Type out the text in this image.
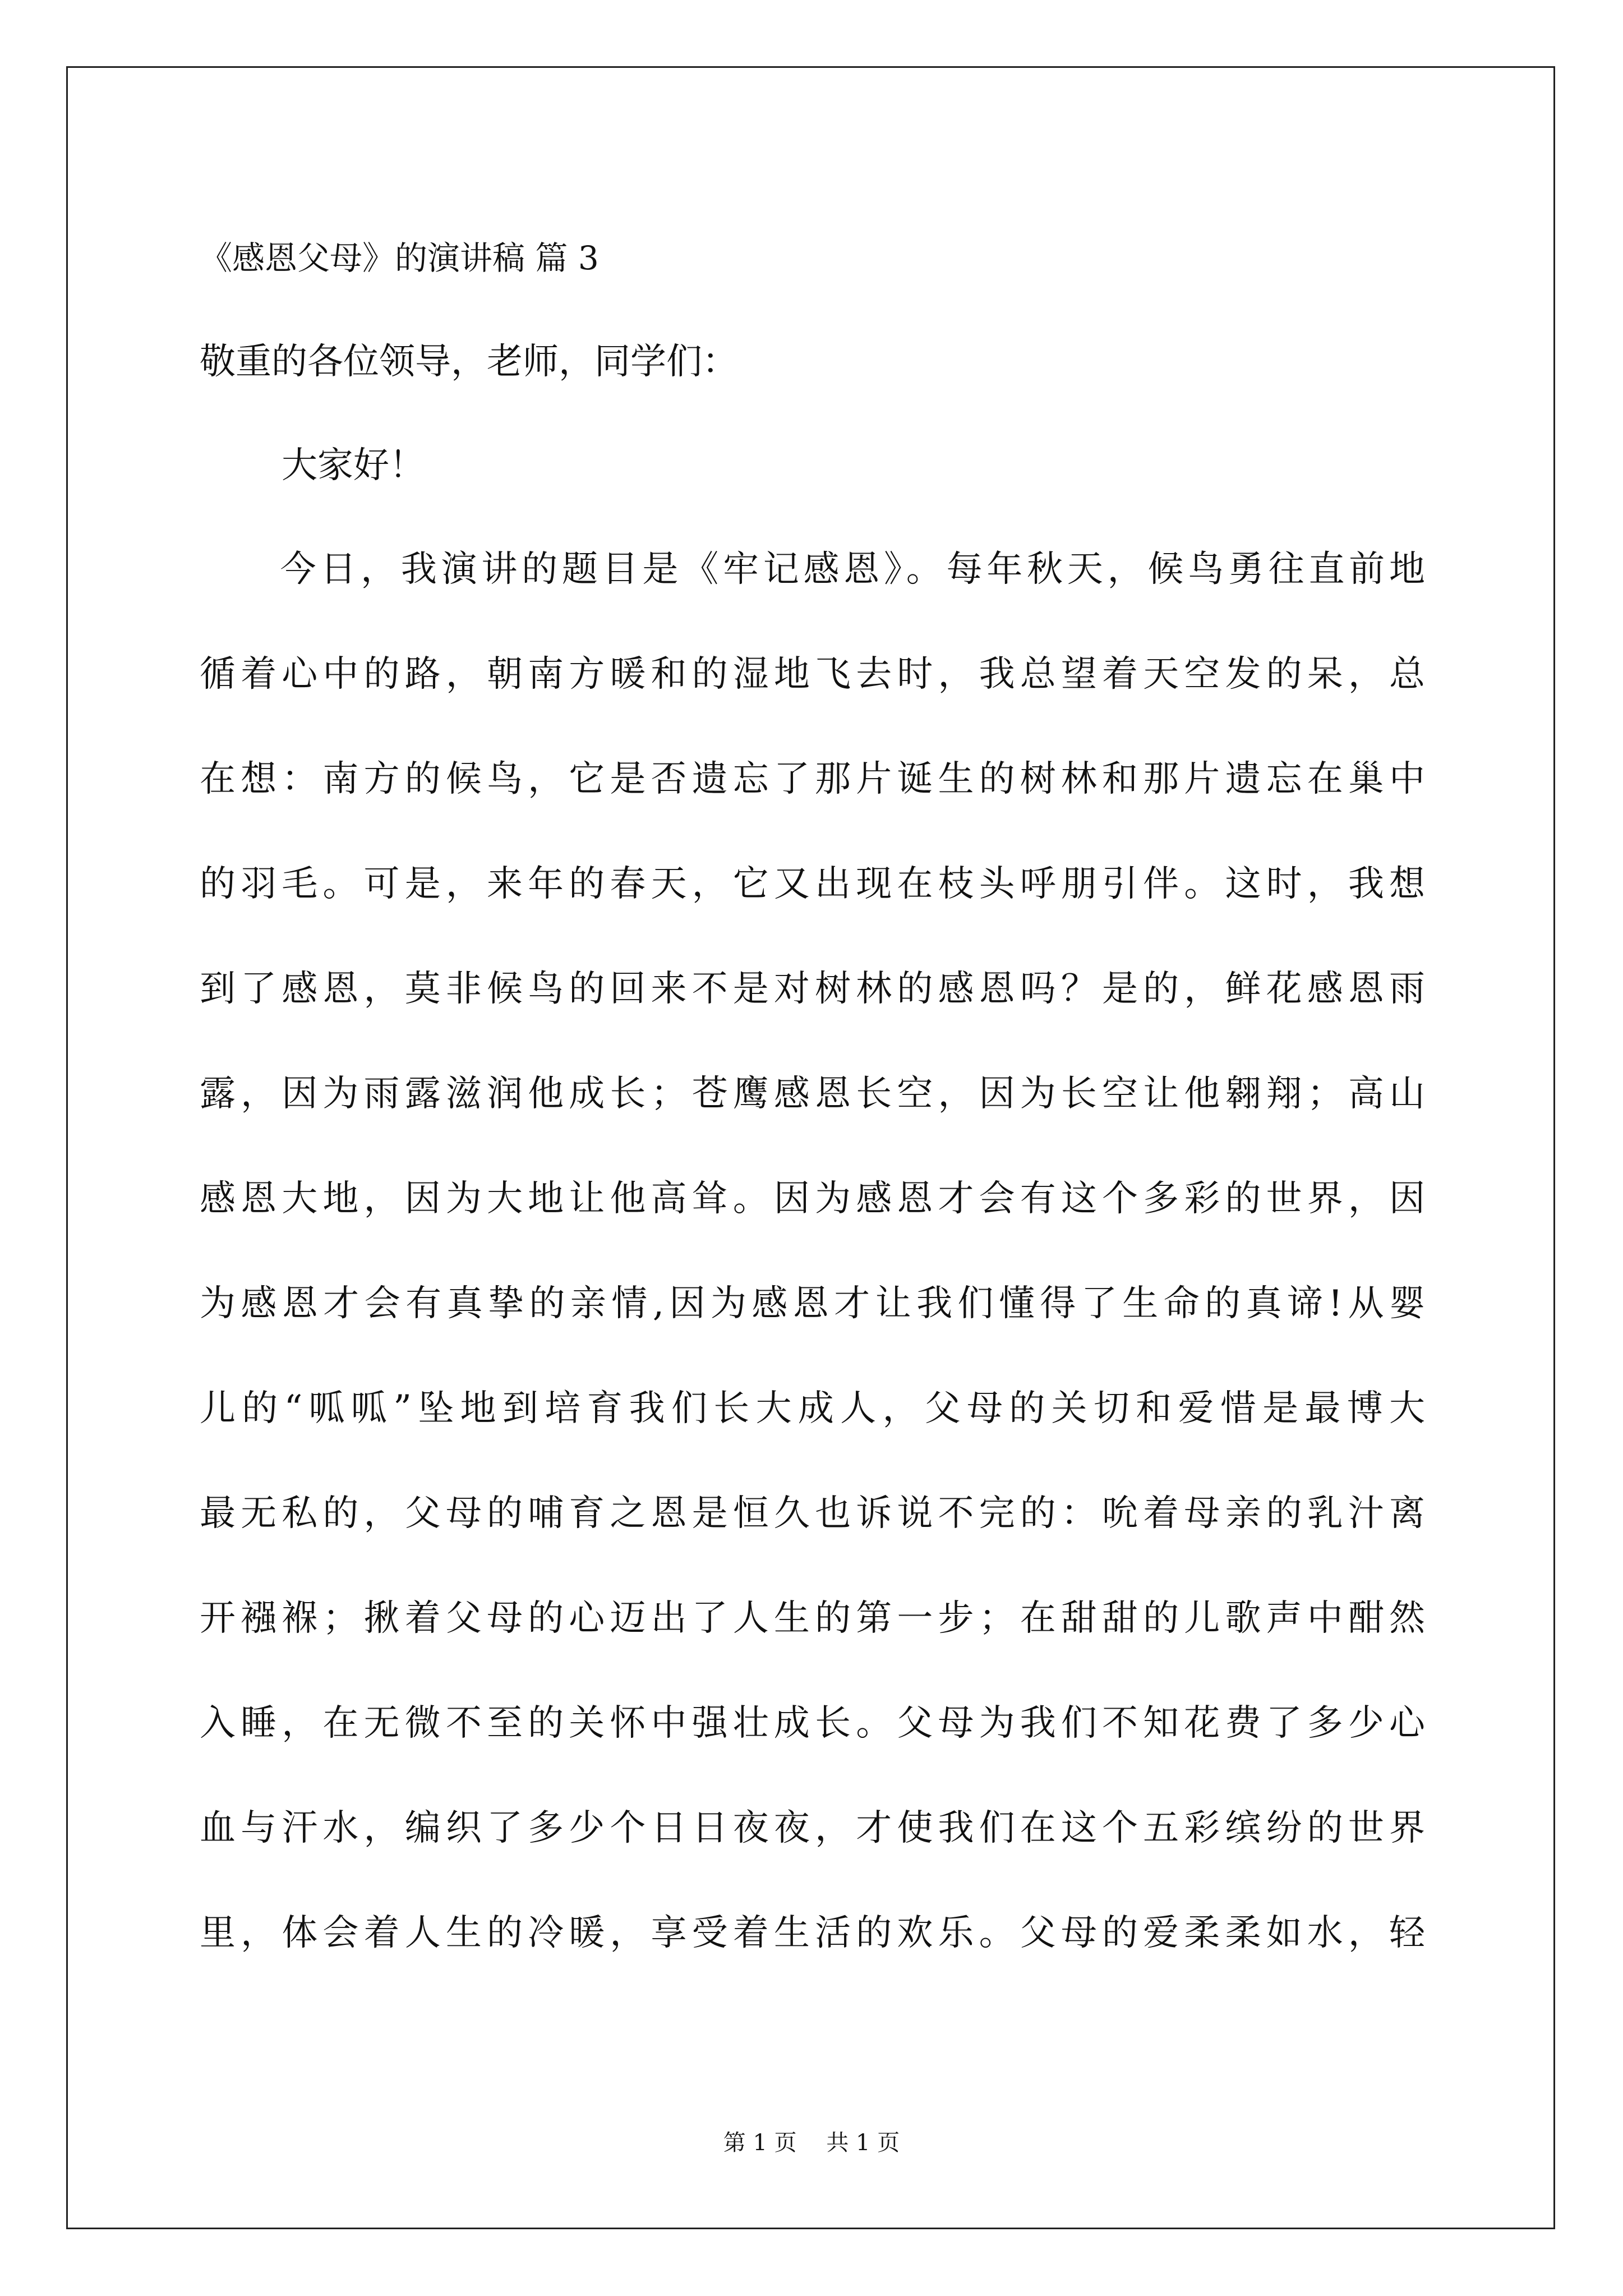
《感恩父母》的演讲稿 篇 3
敬重的各位领导，老师，同学们：
大家好！
　　今日，我演讲的题目是《牢记感恩》。每年秋天，候鸟勇往直前地
循着心中的路，朝南方暖和的湿地飞去时，我总望着天空发的呆，总
在想：南方的候鸟，它是否遗忘了那片诞生的树林和那片遗忘在巢中
的羽毛。可是，来年的春天，它又出现在枝头呼朋引伴。这时，我想
到了感恩，莫非候鸟的回来不是对树林的感恩吗？是的，鲜花感恩雨
露，因为雨露滋润他成长；苍鹰感恩长空，因为长空让他翱翔；高山
感恩大地，因为大地让他高耸。因为感恩才会有这个多彩的世界，因
为感恩才会有真挚的亲情,因为感恩才让我们懂得了生命的真谛!从婴
儿的“呱呱”坠地到培育我们长大成人，父母的关切和爱惜是最博大
最无私的，父母的哺育之恩是恒久也诉说不完的：吮着母亲的乳汁离
开襁褓；揪着父母的心迈出了人生的第一步；在甜甜的儿歌声中酣然
入睡，在无微不至的关怀中强壮成长。父母为我们不知花费了多少心
血与汗水，编织了多少个日日夜夜，才使我们在这个五彩缤纷的世界
里，体会着人生的冷暖，享受着生活的欢乐。父母的爱柔柔如水，轻
第 1 页　 共 1 页
